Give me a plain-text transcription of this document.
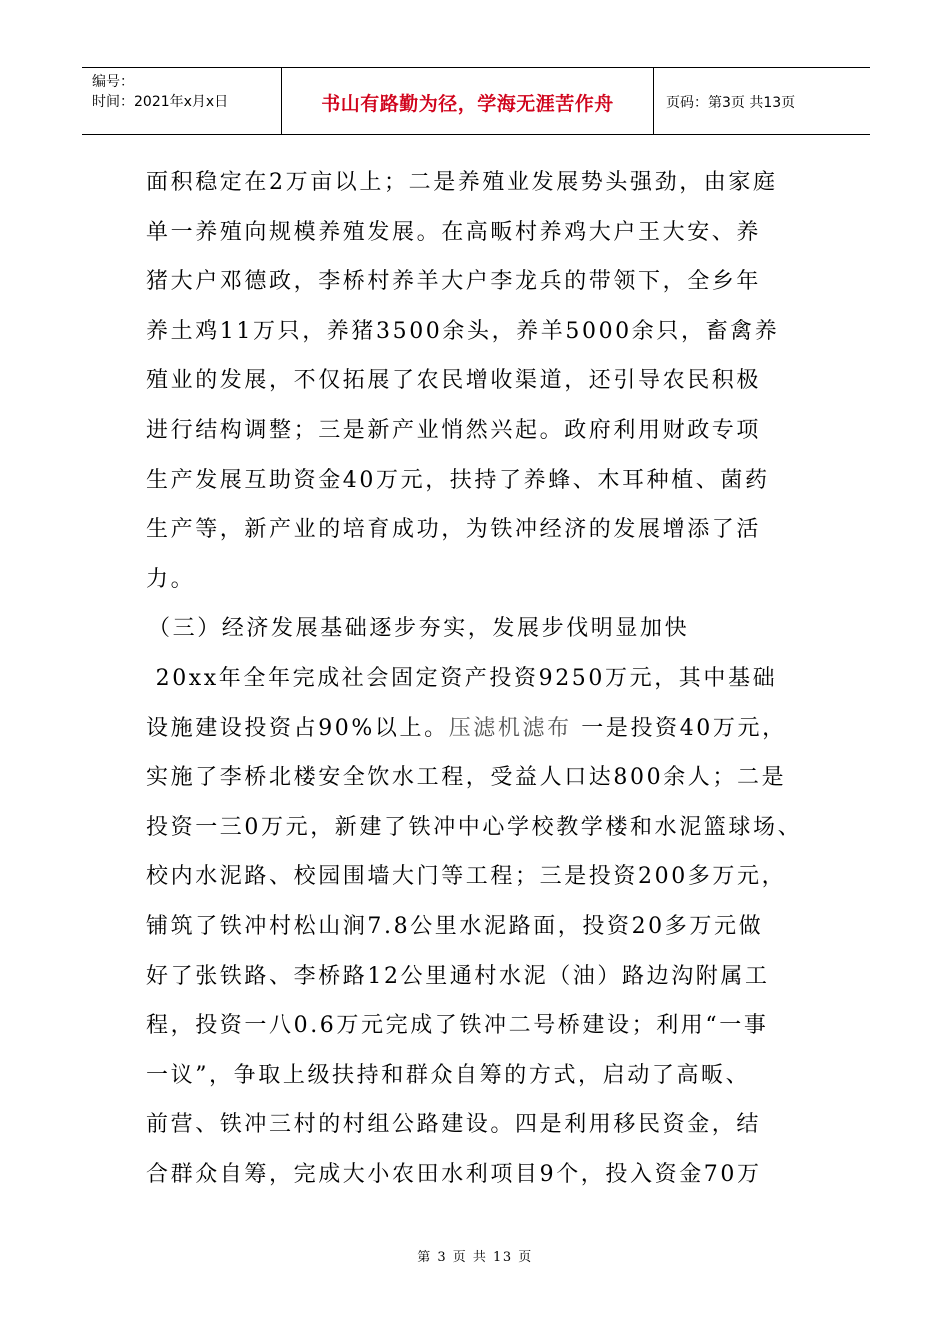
编号：
时间：2021年x月x日	书山有路勤为径，学海无涯苦作舟	页码：第3页 共13页

面积稳定在2万亩以上；二是养殖业发展势头强劲，由家庭

单一养殖向规模养殖发展。在高畈村养鸡大户王大安、养

猪大户邓德政，李桥村养羊大户李龙兵的带领下，全乡年

养土鸡11万只，养猪3500余头，养羊5000余只，畜禽养

殖业的发展，不仅拓展了农民增收渠道，还引导农民积极

进行结构调整；三是新产业悄然兴起。政府利用财政专项

生产发展互助资金40万元，扶持了养蜂、木耳种植、菌药

生产等，新产业的培育成功，为铁冲经济的发展增添了活

力。

（三）经济发展基础逐步夯实，发展步伐明显加快

20xx年全年完成社会固定资产投资9250万元，其中基础

设施建设投资占90%以上。压滤机滤布 一是投资40万元，

实施了李桥北楼安全饮水工程，受益人口达800余人；二是

投资一三0万元，新建了铁冲中心学校教学楼和水泥篮球场、

校内水泥路、校园围墙大门等工程；三是投资200多万元，

铺筑了铁冲村松山涧7.8公里水泥路面，投资20多万元做

好了张铁路、李桥路12公里通村水泥（油）路边沟附属工

程，投资一八0.6万元完成了铁冲二号桥建设；利用“一事

一议”，争取上级扶持和群众自筹的方式，启动了高畈、

前营、铁冲三村的村组公路建设。四是利用移民资金，结

合群众自筹，完成大小农田水利项目9个，投入资金70万

第 3 页 共 13 页
